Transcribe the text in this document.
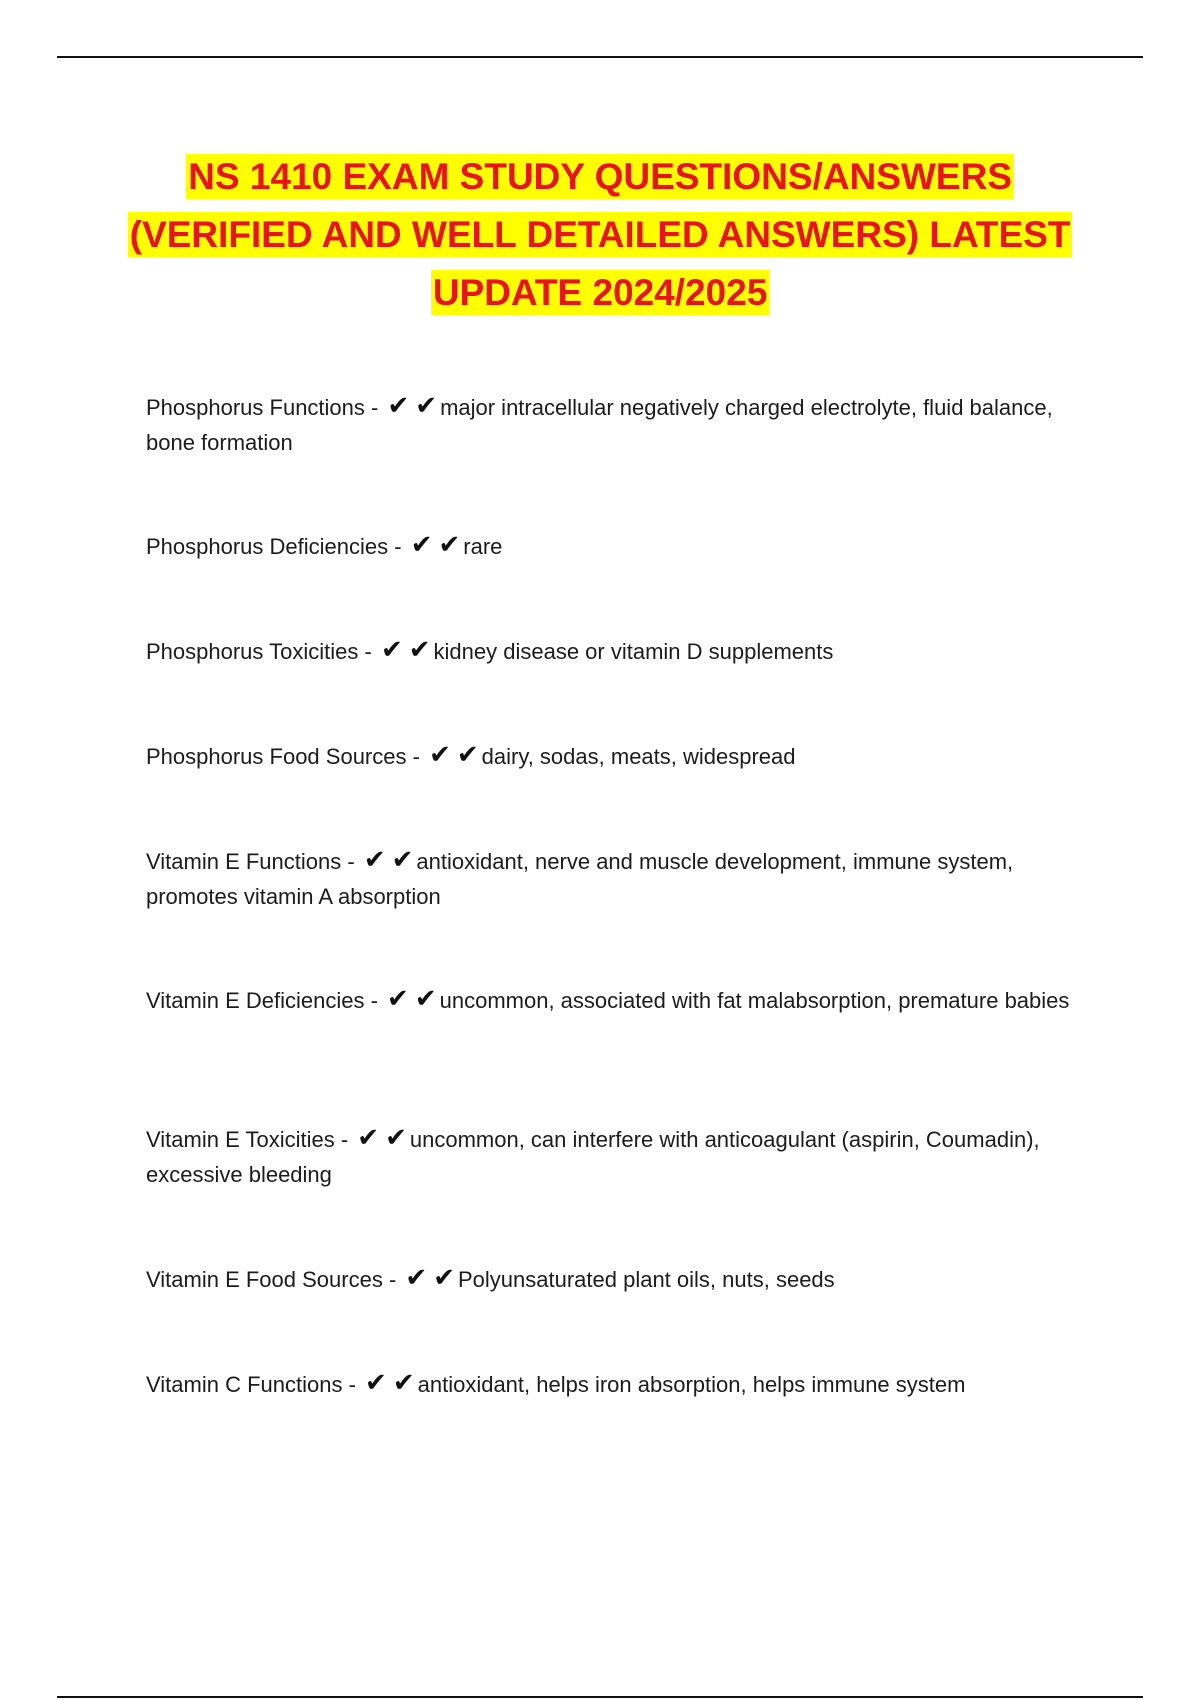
NS 1410 EXAM STUDY QUESTIONS/ANSWERS
(VERIFIED AND WELL DETAILED ANSWERS) LATEST
UPDATE 2024/2025

Phosphorus Functions - ✔ ✔ major intracellular negatively charged electrolyte, fluid balance, bone formation

Phosphorus Deficiencies - ✔ ✔ rare

Phosphorus Toxicities - ✔ ✔ kidney disease or vitamin D supplements

Phosphorus Food Sources - ✔ ✔ dairy, sodas, meats, widespread

Vitamin E Functions - ✔ ✔ antioxidant, nerve and muscle development, immune system, promotes vitamin A absorption

Vitamin E Deficiencies - ✔ ✔ uncommon, associated with fat malabsorption, premature babies

Vitamin E Toxicities - ✔ ✔ uncommon, can interfere with anticoagulant (aspirin, Coumadin), excessive bleeding

Vitamin E Food Sources - ✔ ✔ Polyunsaturated plant oils, nuts, seeds

Vitamin C Functions - ✔ ✔ antioxidant, helps iron absorption, helps immune system
